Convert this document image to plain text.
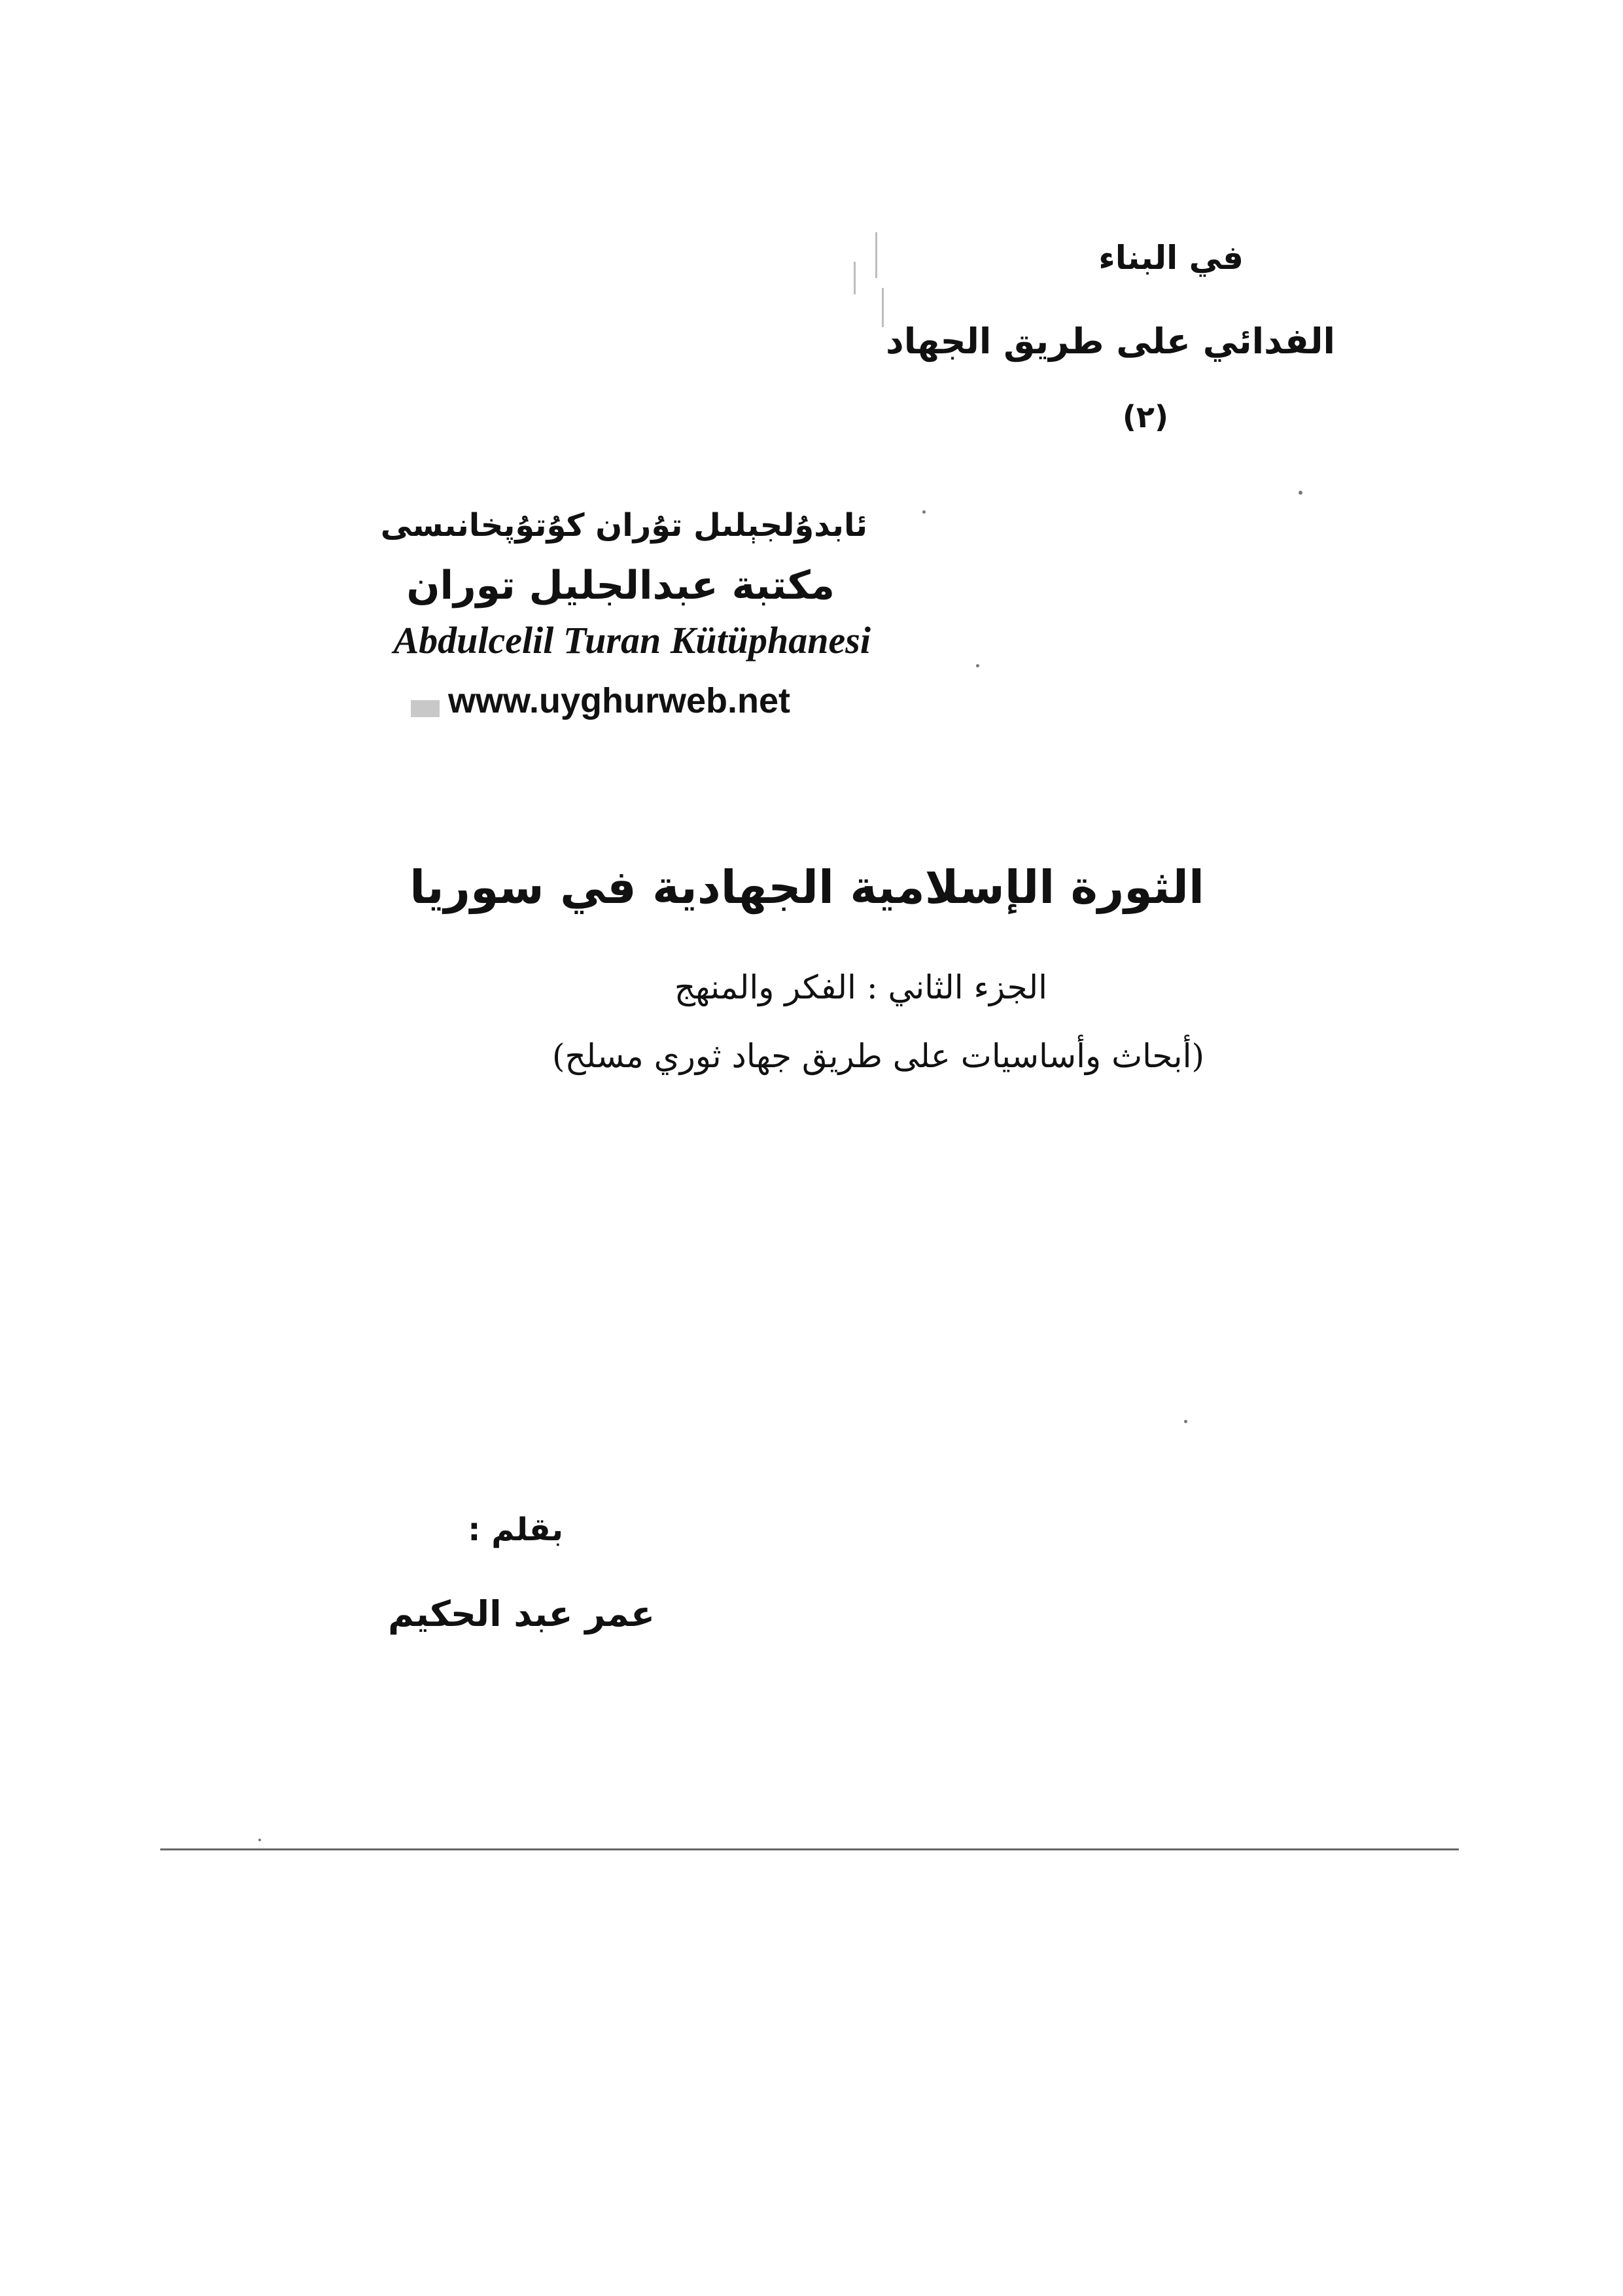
في البناء
الفدائي على طريق الجهاد
(٢)
ئابدۇلجېلىل تۇران كۇتۇپخانىسى
مكتبة عبدالجليل توران
Abdulcelil Turan Kütüphanesi
www.uyghurweb.net
الثورة الإسلامية الجهادية في سوريا
الجزء الثاني : الفكر والمنهج
(أبحاث وأساسيات على طريق جهاد ثوري مسلح)
بقلم :
عمر عبد الحكيم
